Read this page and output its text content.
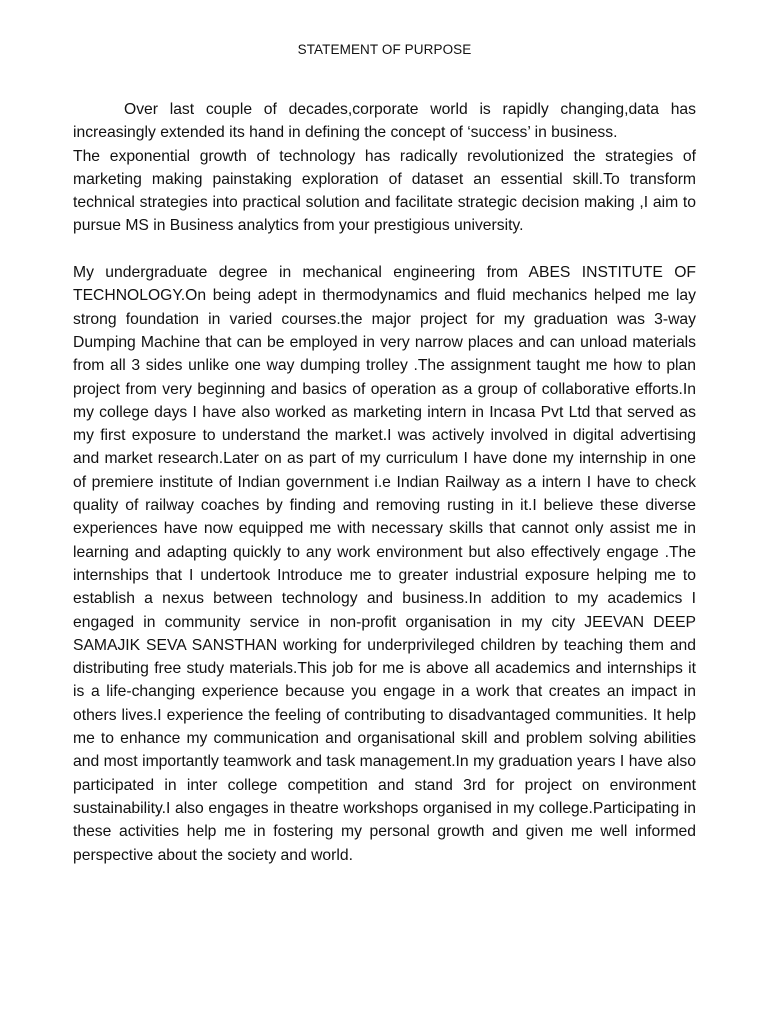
STATEMENT OF PURPOSE

Over last couple of decades,corporate world is rapidly changing,data has increasingly extended its hand in defining the concept of ‘success’ in business.
The exponential growth of technology has radically revolutionized the strategies of marketing making painstaking exploration of dataset an essential skill.To transform technical strategies into practical solution and facilitate strategic decision making ,I aim to pursue MS in Business analytics from your prestigious university.

My undergraduate degree in mechanical engineering from ABES INSTITUTE OF TECHNOLOGY.On being adept in thermodynamics and fluid mechanics helped me lay strong foundation in varied courses.the major project for my graduation was 3-way Dumping Machine that can be employed in very narrow places and can unload materials from all 3 sides unlike one way dumping trolley .The assignment taught me how to plan project from very beginning and basics of operation as a group of collaborative efforts.In my college days I have also worked as marketing intern in Incasa Pvt Ltd that served as my first exposure to understand the market.I was actively involved in digital advertising and market research.Later on as part of my curriculum I have done my internship in one of premiere institute of Indian government i.e Indian Railway as a intern I have to check quality of railway coaches by finding and removing rusting in it.I believe these diverse experiences have now equipped me with necessary skills that cannot only assist me in learning and adapting quickly to any work environment but also effectively engage .The internships that I undertook Introduce me to greater industrial exposure helping me to establish a nexus between technology and business.In addition to my academics I engaged in community service in non-profit organisation in my city JEEVAN DEEP SAMAJIK SEVA SANSTHAN working for underprivileged children by teaching them and distributing free study materials.This job for me is above all academics and internships it is a life-changing experience because you engage in a work that creates an impact in others lives.I experience the feeling of contributing to disadvantaged communities. It help me to enhance my communication and organisational skill and problem solving abilities and most importantly teamwork and task management.In my graduation years I have also participated in inter college competition and stand 3rd for project on environment sustainability.I also engages in theatre workshops organised in my college.Participating in these activities help me in fostering my personal growth and given me well informed perspective about the society and world.
